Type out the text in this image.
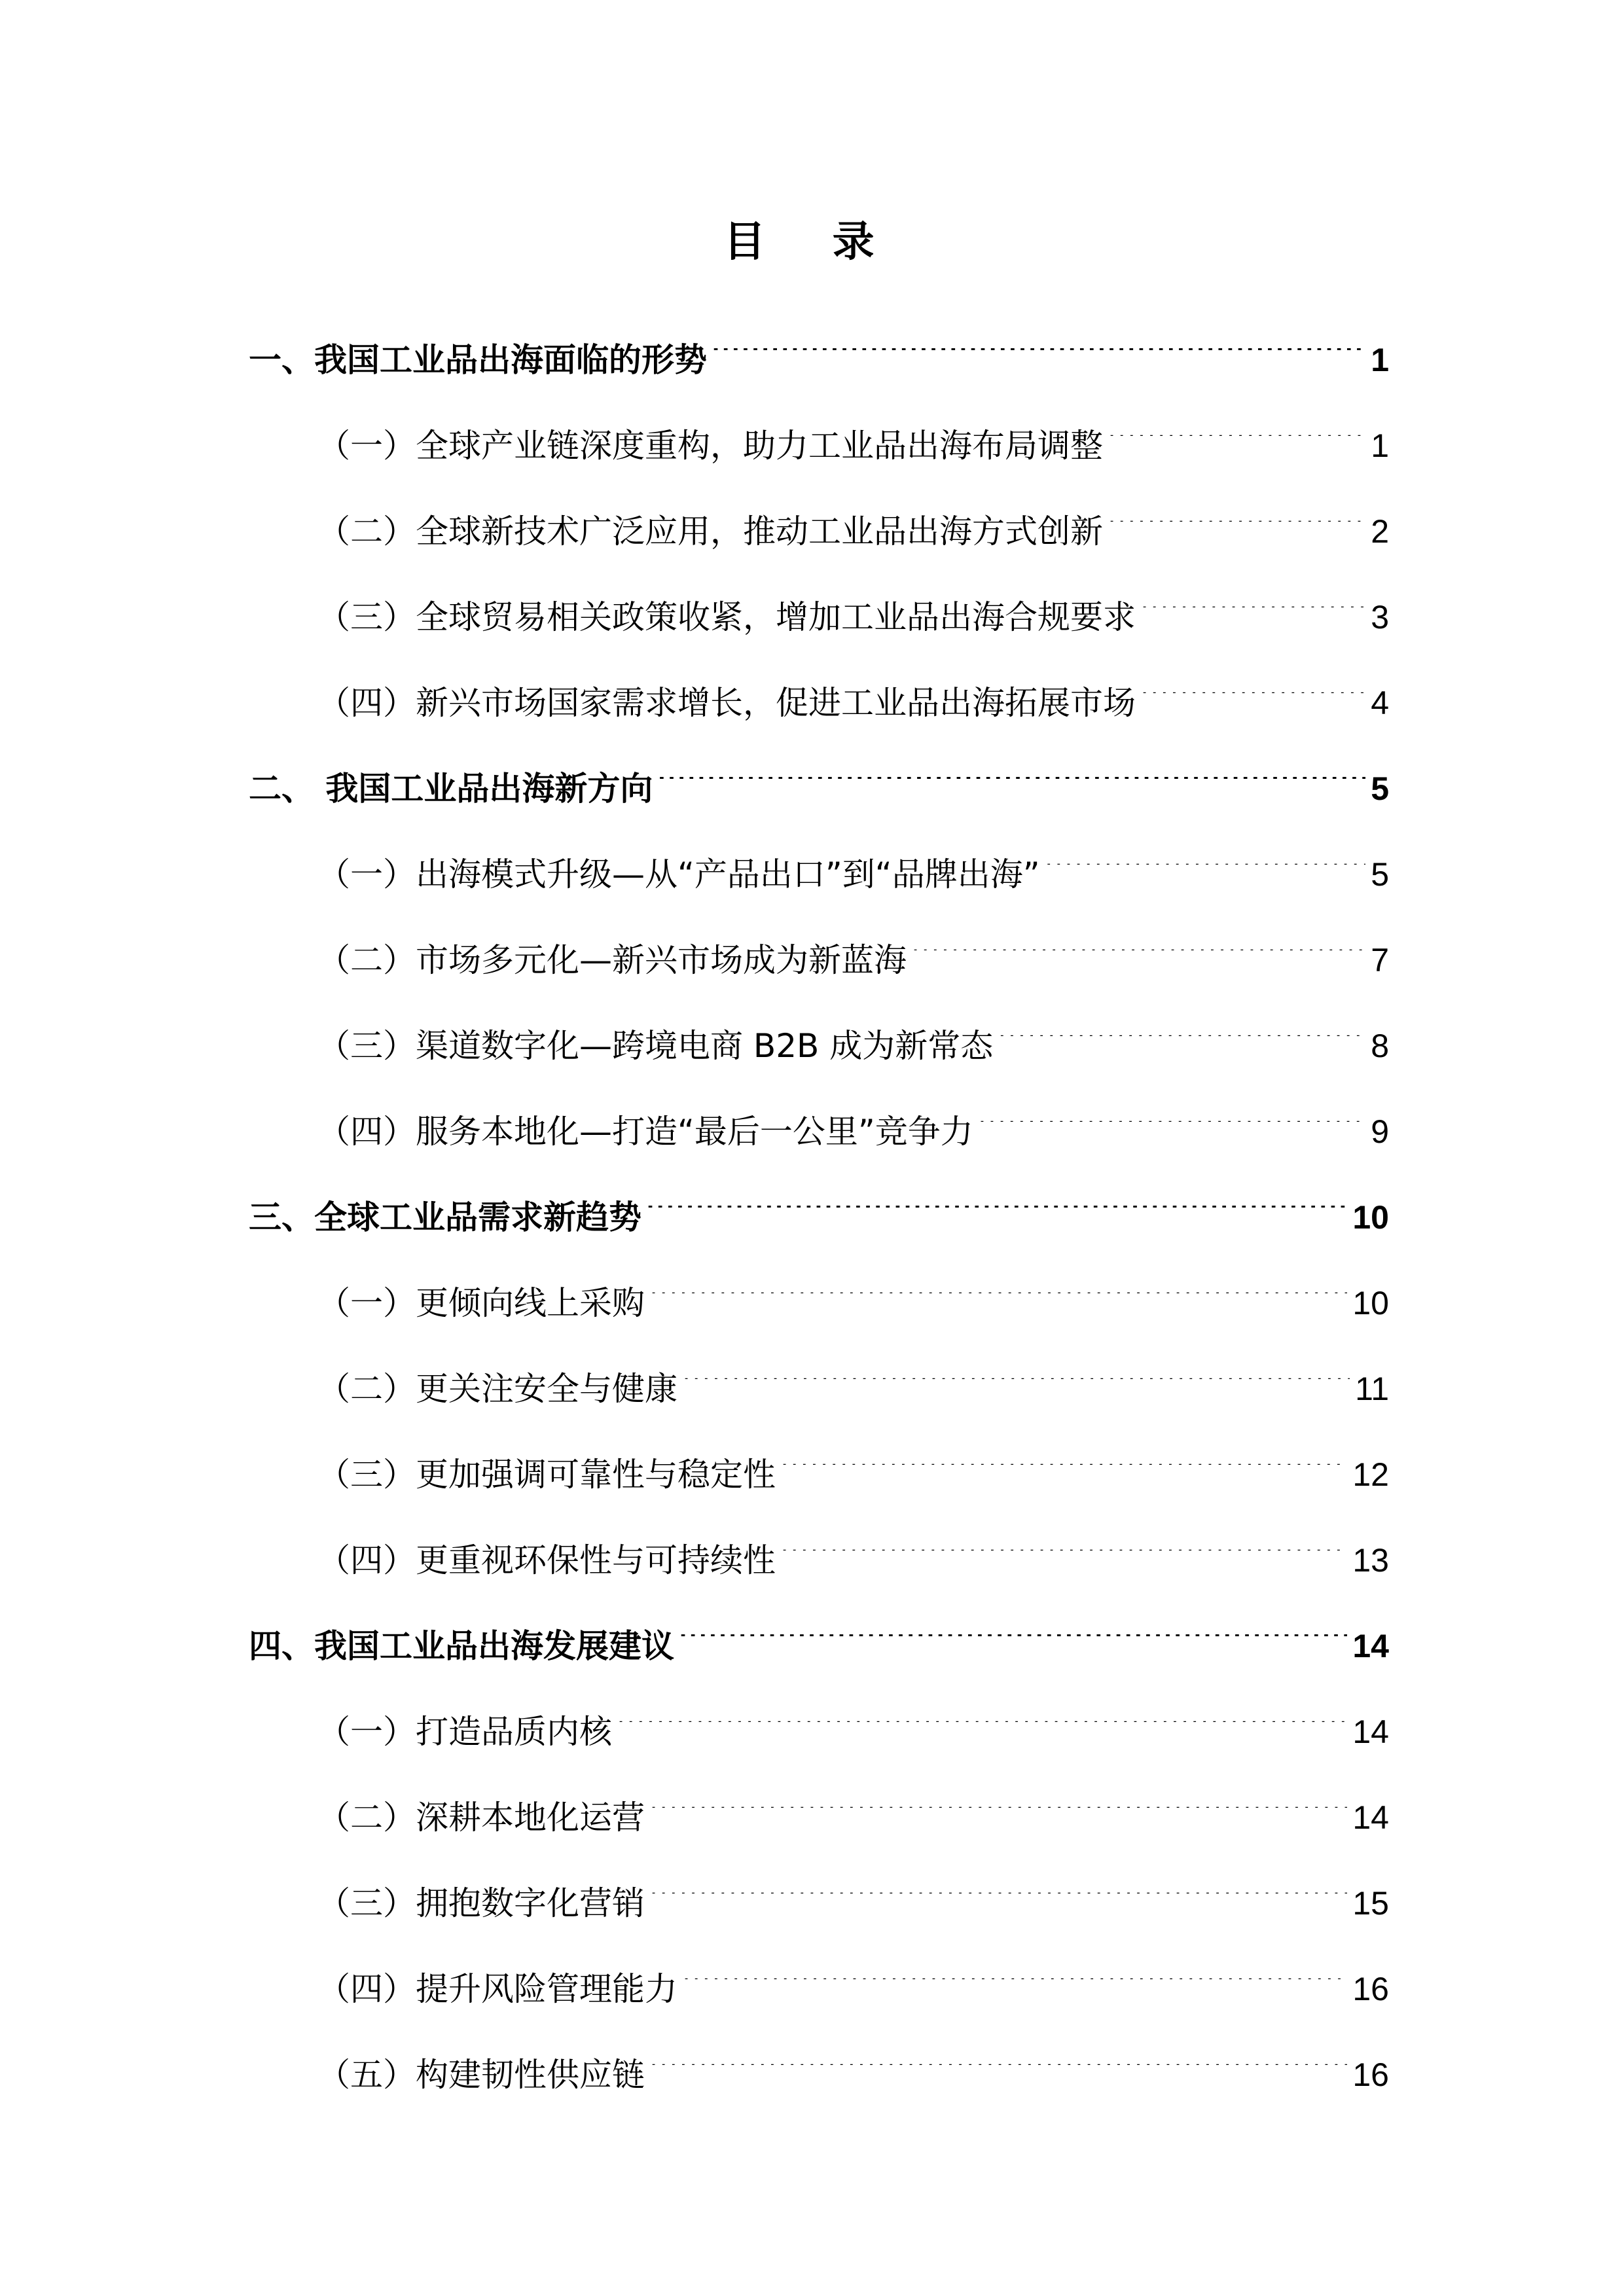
目 录
一、我国工业品出海面临的形势 .....	1
（一）全球产业链深度重构，助力工业品出海布局调整 .....	1
（二）全球新技术广泛应用，推动工业品出海方式创新 .....	2
（三）全球贸易相关政策收紧，增加工业品出海合规要求 .....	3
（四）新兴市场国家需求增长，促进工业品出海拓展市场 .....	4
二、 我国工业品出海新方向 .....	5
（一）出海模式升级—从“产品出口”到“品牌出海” .....	5
（二）市场多元化—新兴市场成为新蓝海 .....	7
（三）渠道数字化—跨境电商 B2B 成为新常态 .....	8
（四）服务本地化—打造“最后一公里”竞争力 .....	9
三、全球工业品需求新趋势 .....	10
（一）更倾向线上采购 .....	10
（二）更关注安全与健康 .....	11
（三）更加强调可靠性与稳定性 .....	12
（四）更重视环保性与可持续性 .....	13
四、我国工业品出海发展建议 .....	14
（一）打造品质内核 .....	14
（二）深耕本地化运营 .....	14
（三）拥抱数字化营销 .....	15
（四）提升风险管理能力 .....	16
（五）构建韧性供应链 .....	16
